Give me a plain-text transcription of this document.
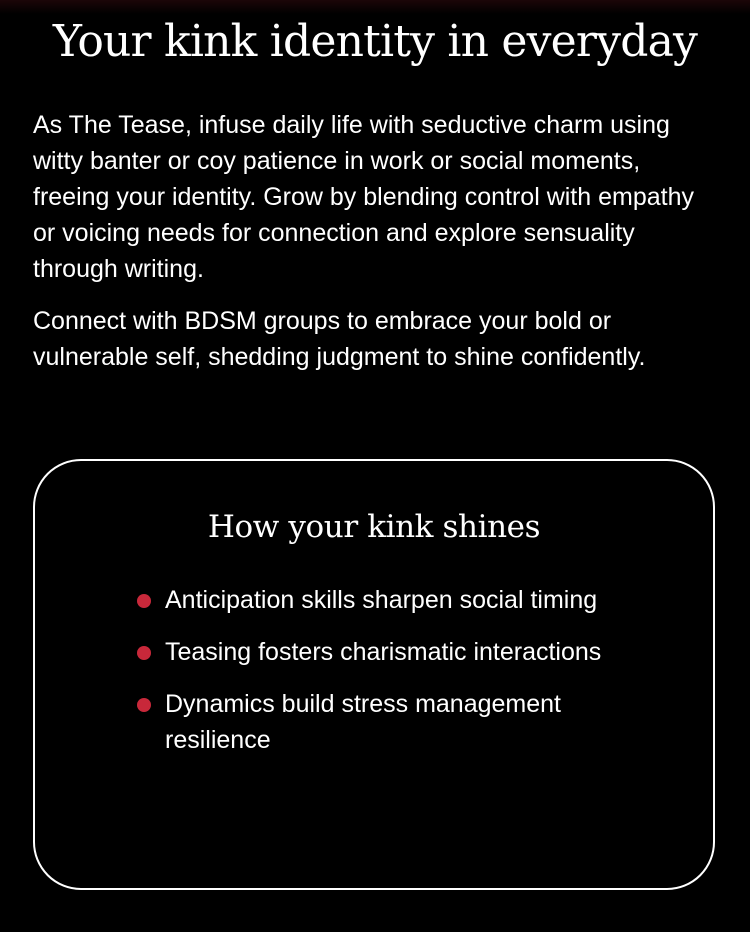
Your kink identity in everyday

As The Tease, infuse daily life with seductive charm using witty banter or coy patience in work or social moments, freeing your identity. Grow by blending control with empathy or voicing needs for connection and explore sensuality through writing.

Connect with BDSM groups to embrace your bold or vulnerable self, shedding judgment to shine confidently.

How your kink shines
Anticipation skills sharpen social timing
Teasing fosters charismatic interactions
Dynamics build stress management resilience
